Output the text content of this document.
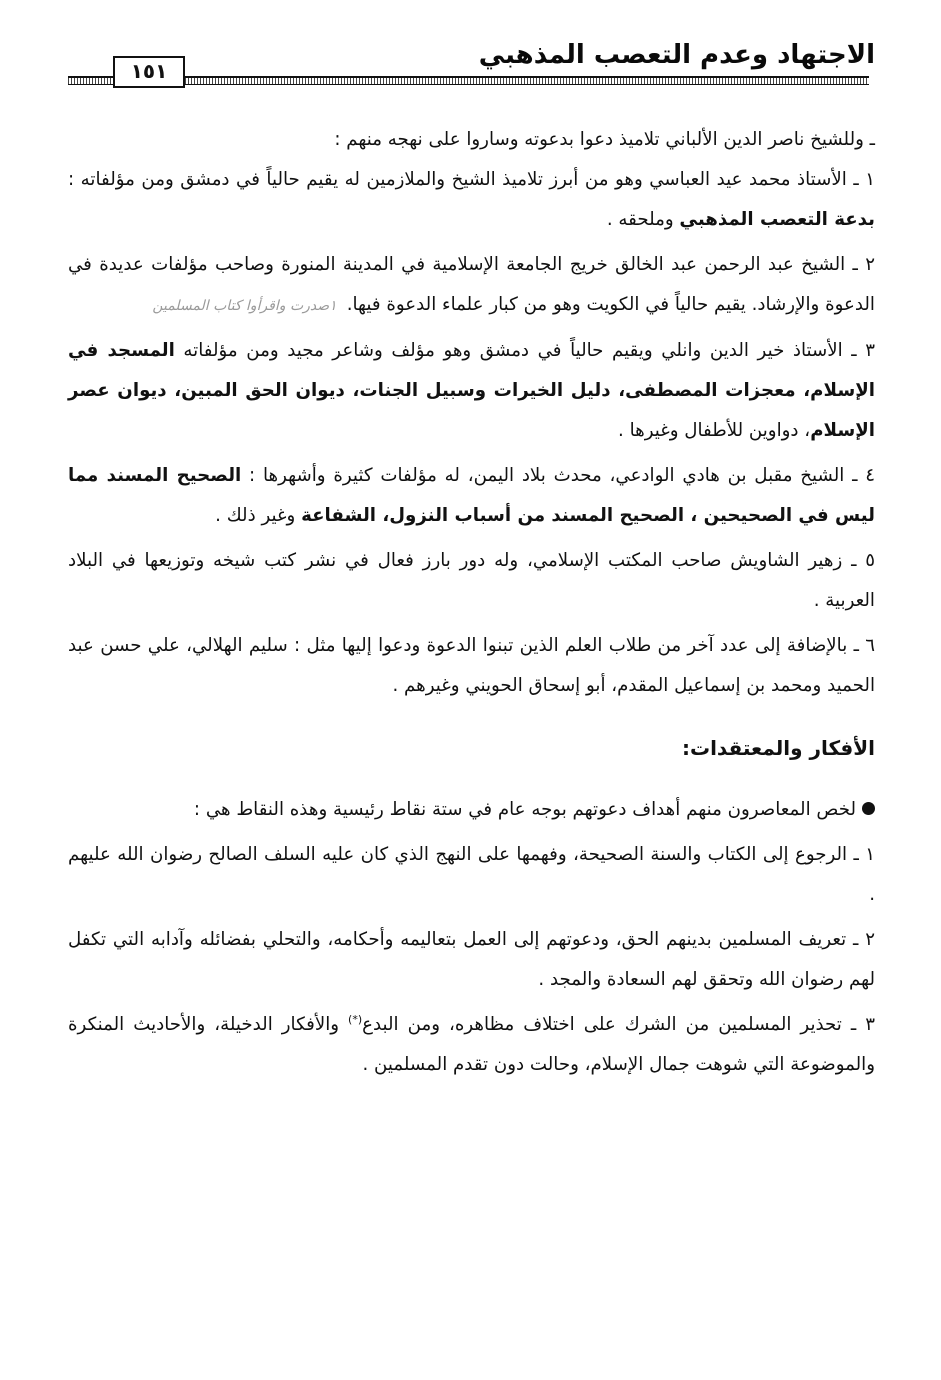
الاجتهاد وعدم التعصب المذهبي
١٥١

ـ وللشيخ ناصر الدين الألباني تلاميذ دعوا بدعوته وساروا على نهجه منهم :

١ ـ الأستاذ محمد عيد العباسي وهو من أبرز تلاميذ الشيخ والملازمين له يقيم حالياً في دمشق ومن مؤلفاته : بدعة التعصب المذهبي وملحقه .

٢ ـ الشيخ عبد الرحمن عبد الخالق خريج الجامعة الإسلامية في المدينة المنورة وصاحب مؤلفات عديدة في الدعوة والإرشاد. يقيم حالياً في الكويت وهو من كبار علماء الدعوة فيها.١صدرت واقرأوا كتاب المسلمين

٣ ـ الأستاذ خير الدين وانلي ويقيم حالياً في دمشق وهو مؤلف وشاعر مجيد ومن مؤلفاته المسجد في الإسلام، معجزات المصطفى، دليل الخيرات وسبيل الجنات، ديوان الحق المبين، ديوان عصر الإسلام، دواوين للأطفال وغيرها .

٤ ـ الشيخ مقبل بن هادي الوادعي، محدث بلاد اليمن، له مؤلفات كثيرة وأشهرها : الصحيح المسند مما ليس في الصحيحين ، الصحيح المسند من أسباب النزول، الشفاعة وغير ذلك .

٥ ـ زهير الشاويش صاحب المكتب الإسلامي، وله دور بارز فعال في نشر كتب شيخه وتوزيعها في البلاد العربية .

٦ ـ بالإضافة إلى عدد آخر من طلاب العلم الذين تبنوا الدعوة ودعوا إليها مثل : سليم الهلالي، علي حسن عبد الحميد ومحمد بن إسماعيل المقدم، أبو إسحاق الحويني وغيرهم .

الأفكار والمعتقدات:

لخص المعاصرون منهم أهداف دعوتهم بوجه عام في ستة نقاط رئيسية وهذه النقاط هي :

١ ـ الرجوع إلى الكتاب والسنة الصحيحة، وفهمها على النهج الذي كان عليه السلف الصالح رضوان الله عليهم .

٢ ـ تعريف المسلمين بدينهم الحق، ودعوتهم إلى العمل بتعاليمه وأحكامه، والتحلي بفضائله وآدابه التي تكفل لهم رضوان الله وتحقق لهم السعادة والمجد .

٣ ـ تحذير المسلمين من الشرك على اختلاف مظاهره، ومن البدع(*) والأفكار الدخيلة، والأحاديث المنكرة والموضوعة التي شوهت جمال الإسلام، وحالت دون تقدم المسلمين .
